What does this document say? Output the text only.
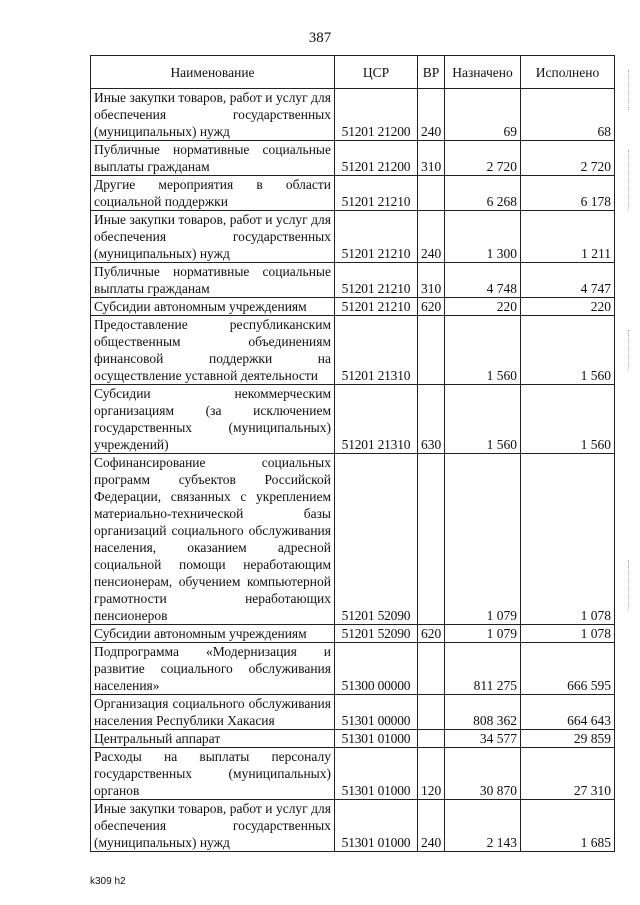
387
Наименование	ЦСР	ВР	Назначено	Исполнено
Иные закупки товаров, работ и услуг для обеспечения государственных (муниципальных) нужд	51201 21200	240	69	68
Публичные нормативные социальные выплаты гражданам	51201 21200	310	2 720	2 720
Другие мероприятия в области социальной поддержки	51201 21210		6 268	6 178
Иные закупки товаров, работ и услуг для обеспечения государственных (муниципальных) нужд	51201 21210	240	1 300	1 211
Публичные нормативные социальные выплаты гражданам	51201 21210	310	4 748	4 747
Субсидии автономным учреждениям	51201 21210	620	220	220
Предоставление республиканским общественным объединениям финансовой поддержки на осуществление уставной деятельности	51201 21310		1 560	1 560
Субсидии некоммерческим организациям (за исключением государственных (муниципальных) учреждений)	51201 21310	630	1 560	1 560
Софинансирование социальных программ субъектов Российской Федерации, связанных с укреплением материально-технической базы организаций социального обслуживания населения, оказанием адресной социальной помощи неработающим пенсионерам, обучением компьютерной грамотности неработающих пенсионеров	51201 52090		1 079	1 078
Субсидии автономным учреждениям	51201 52090	620	1 079	1 078
Подпрограмма «Модернизация и развитие социального обслуживания населения»	51300 00000		811 275	666 595
Организация социального обслуживания населения Республики Хакасия	51301 00000		808 362	664 643
Центральный аппарат	51301 01000		34 577	29 859
Расходы на выплаты персоналу государственных (муниципальных) органов	51301 01000	120	30 870	27 310
Иные закупки товаров, работ и услуг для обеспечения государственных (муниципальных) нужд	51301 01000	240	2 143	1 685
k309 h2
